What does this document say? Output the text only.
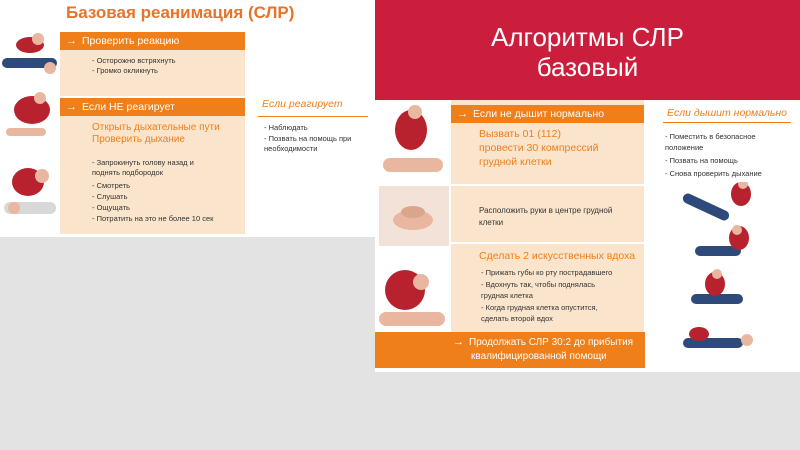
Базовая реанимация (СЛР)
→ Проверить реакцию
- Осторожно встряхнуть
- Громко окликнуть
→ Если НЕ реагирует	Если реагирует
Открыть дыхательные пути
Проверить дыхание
- Запрокинуть голову назад и
поднять подбородок
- Смотреть
- Слушать
- Ощущать
- Потратить на это не более 10 сек
- Наблюдать
- Позвать на помощь при
необходимости
Алгоритмы СЛР
базовый
→ Если не дышит нормально	Если дышит нормально
Вызвать 01 (112)
провести 30 компрессий
грудной клетки
Расположить руки в центре грудной
клетки
Сделать 2 искусственных вдоха
- Прижать губы ко рту пострадавшего
- Вдохнуть так, чтобы поднялась
грудная клетка
- Когда грудная клетка опустится,
сделать второй вдох
- Поместить в безопасное
положение
- Позвать на помощь
- Снова проверить дыхание
→ Продолжать СЛР 30:2 до прибытия
квалифицированной помощи
